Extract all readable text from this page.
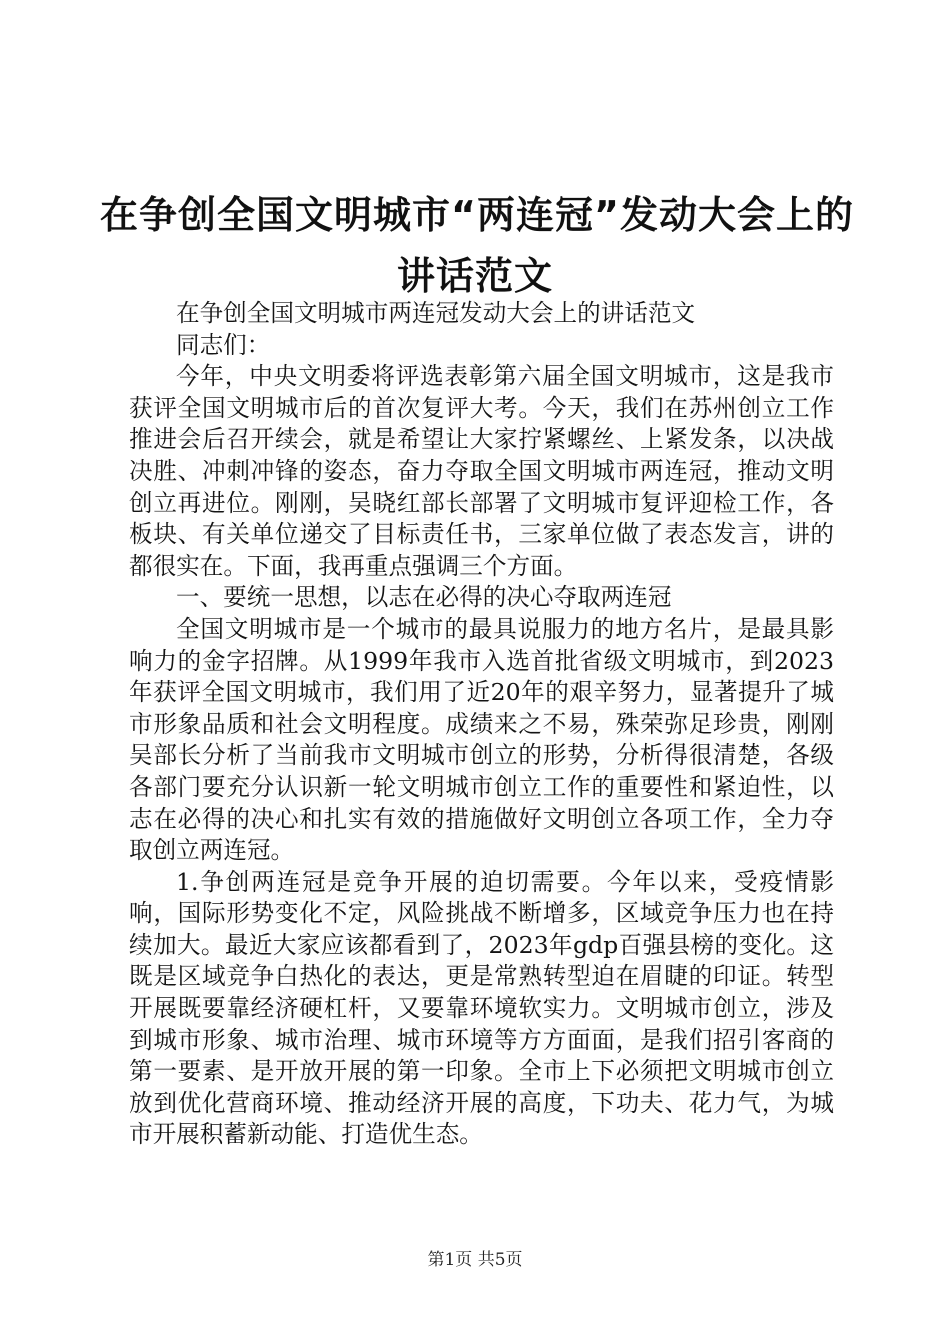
在争创全国文明城市“两连冠”发动大会上的
讲话范文

在争创全国文明城市两连冠发动大会上的讲话范文

同志们：

今年，中央文明委将评选表彰第六届全国文明城市，这是我市获评全国文明城市后的首次复评大考。今天，我们在苏州创立工作推进会后召开续会，就是希望让大家拧紧螺丝、上紧发条，以决战决胜、冲刺冲锋的姿态，奋力夺取全国文明城市两连冠，推动文明创立再进位。刚刚，吴晓红部长部署了文明城市复评迎检工作，各板块、有关单位递交了目标责任书，三家单位做了表态发言，讲的都很实在。下面，我再重点强调三个方面。

一、要统一思想，以志在必得的决心夺取两连冠

全国文明城市是一个城市的最具说服力的地方名片，是最具影响力的金字招牌。从1999年我市入选首批省级文明城市，到2023年获评全国文明城市，我们用了近20年的艰辛努力，显著提升了城市形象品质和社会文明程度。成绩来之不易，殊荣弥足珍贵，刚刚吴部长分析了当前我市文明城市创立的形势，分析得很清楚，各级各部门要充分认识新一轮文明城市创立工作的重要性和紧迫性，以志在必得的决心和扎实有效的措施做好文明创立各项工作，全力夺取创立两连冠。

1.争创两连冠是竞争开展的迫切需要。今年以来，受疫情影响，国际形势变化不定，风险挑战不断增多，区域竞争压力也在持续加大。最近大家应该都看到了，2023年gdp百强县榜的变化。这既是区域竞争白热化的表达，更是常熟转型迫在眉睫的印证。转型开展既要靠经济硬杠杆，又要靠环境软实力。文明城市创立，涉及到城市形象、城市治理、城市环境等方方面面，是我们招引客商的第一要素、是开放开展的第一印象。全市上下必须把文明城市创立放到优化营商环境、推动经济开展的高度，下功夫、花力气，为城市开展积蓄新动能、打造优生态。

第1页 共5页
